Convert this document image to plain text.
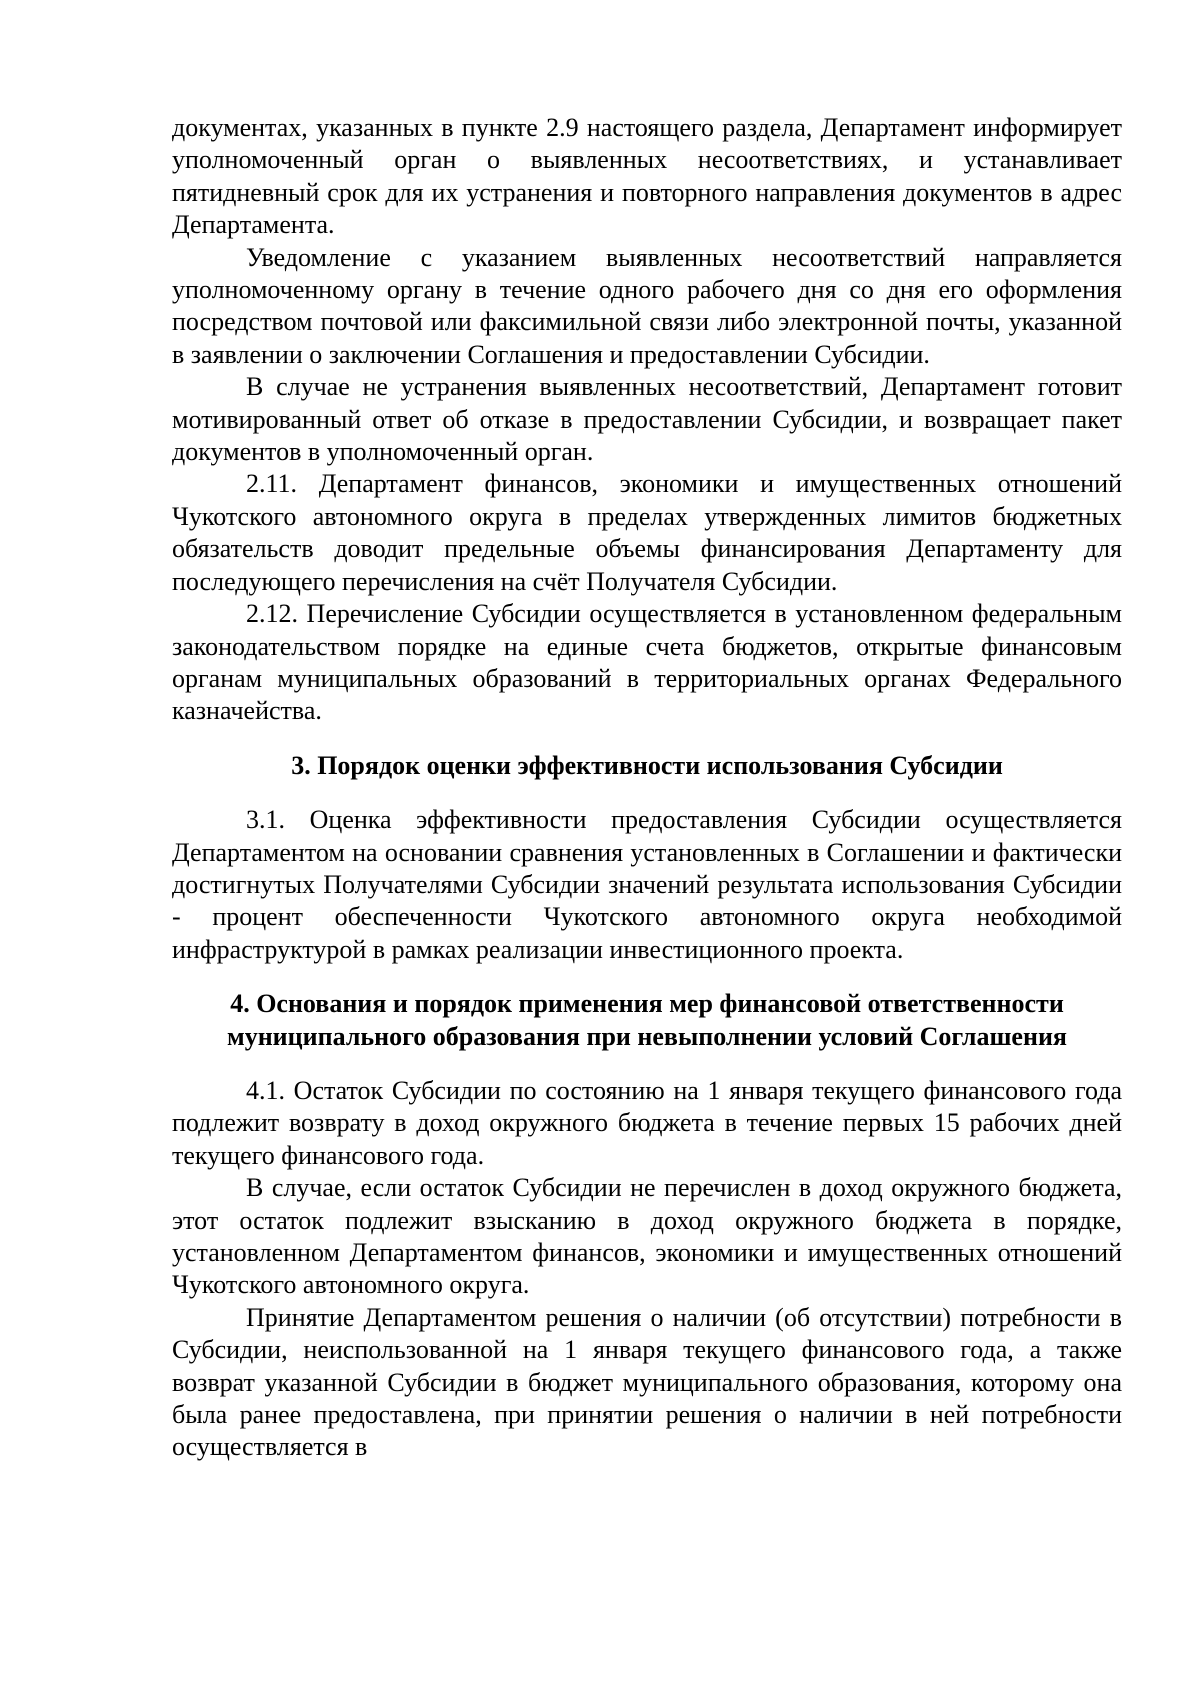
документах, указанных в пункте 2.9 настоящего раздела, Департамент информирует уполномоченный орган о выявленных несоответствиях, и устанавливает пятидневный срок для их устранения и повторного направления документов в адрес Департамента.

Уведомление с указанием выявленных несоответствий направляется уполномоченному органу в течение одного рабочего дня со дня его оформления посредством почтовой или факсимильной связи либо электронной почты, указанной в заявлении о заключении Соглашения и предоставлении Субсидии.

В случае не устранения выявленных несоответствий, Департамент готовит мотивированный ответ об отказе в предоставлении Субсидии, и возвращает пакет документов в уполномоченный орган.

2.11. Департамент финансов, экономики и имущественных отношений Чукотского автономного округа в пределах утвержденных лимитов бюджетных обязательств доводит предельные объемы финансирования Департаменту для последующего перечисления на счёт Получателя Субсидии.

2.12. Перечисление Субсидии осуществляется в установленном федеральным законодательством порядке на единые счета бюджетов, открытые финансовым органам муниципальных образований в территориальных органах Федерального казначейства.

3. Порядок оценки эффективности использования Субсидии

3.1. Оценка эффективности предоставления Субсидии осуществляется Департаментом на основании сравнения установленных в Соглашении и фактически достигнутых Получателями Субсидии значений результата использования Субсидии - процент обеспеченности Чукотского автономного округа необходимой инфраструктурой в рамках реализации инвестиционного проекта.

4. Основания и порядок применения мер финансовой ответственности
муниципального образования при невыполнении условий Соглашения

4.1. Остаток Субсидии по состоянию на 1 января текущего финансового года подлежит возврату в доход окружного бюджета в течение первых 15 рабочих дней текущего финансового года.

В случае, если остаток Субсидии не перечислен в доход окружного бюджета, этот остаток подлежит взысканию в доход окружного бюджета в порядке, установленном Департаментом финансов, экономики и имущественных отношений Чукотского автономного округа.

Принятие Департаментом решения о наличии (об отсутствии) потребности в Субсидии, неиспользованной на 1 января текущего финансового года, а также возврат указанной Субсидии в бюджет муниципального образования, которому она была ранее предоставлена, при принятии решения о наличии в ней потребности осуществляется в
